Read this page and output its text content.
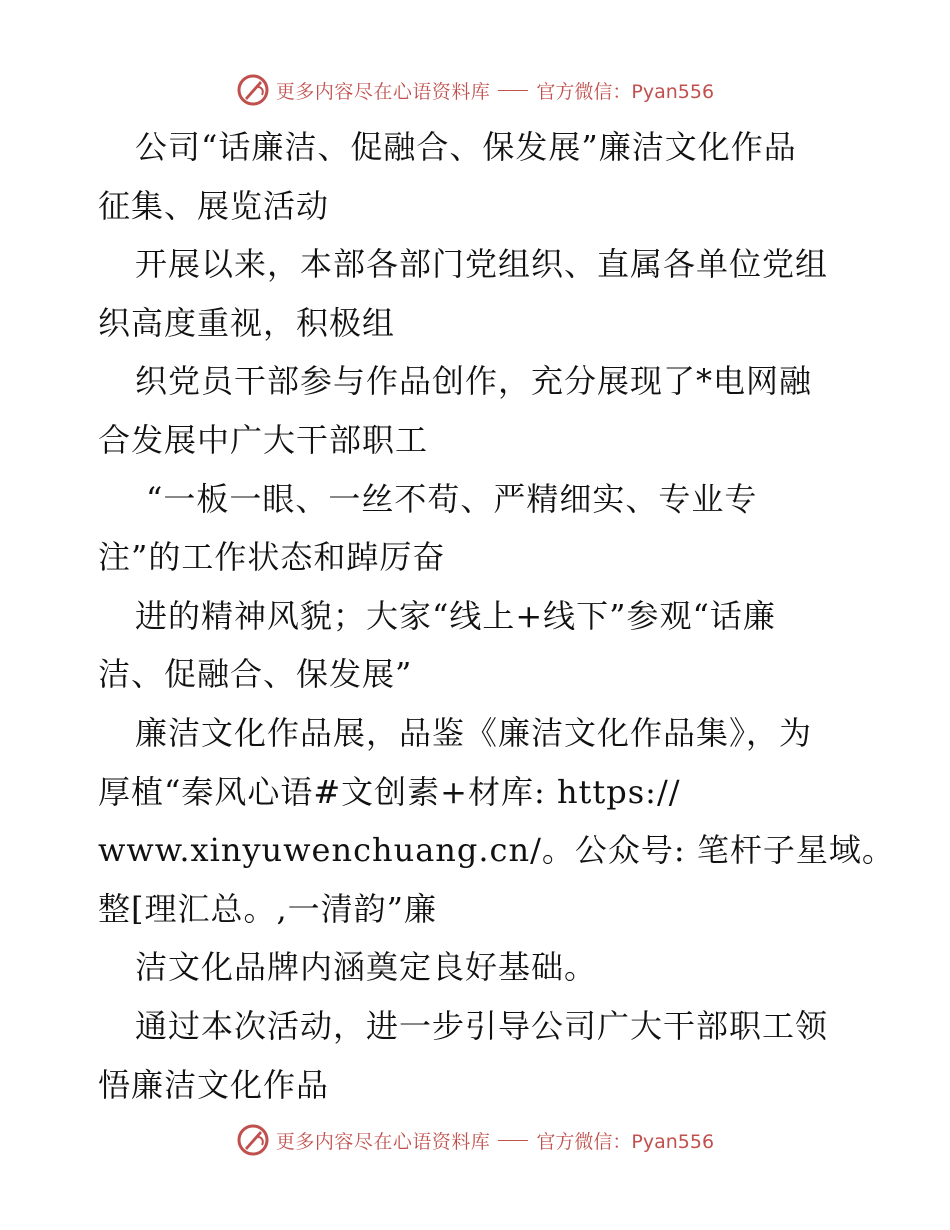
更多内容尽在心语资料库 官方微信：Pyan556
公司“话廉洁、促融合、保发展”廉洁文化作品
征集、展览活动
开展以来，本部各部门党组织、直属各单位党组
织高度重视，积极组
织党员干部参与作品创作，充分展现了*电网融
合发展中广大干部职工
“一板一眼、一丝不苟、严精细实、专业专
注”的工作状态和踔厉奋
进的精神风貌；大家“线上+线下”参观“话廉
洁、促融合、保发展”
廉洁文化作品展，品鉴《廉洁文化作品集》，为
厚植“秦风心语#文创素+材库: https://
www.xinyuwenchuang.cn/。公众号: 笔杆子星域。
整[理汇总。,一清韵”廉
洁文化品牌内涵奠定良好基础。
通过本次活动，进一步引导公司广大干部职工领
悟廉洁文化作品
更多内容尽在心语资料库 官方微信：Pyan556
